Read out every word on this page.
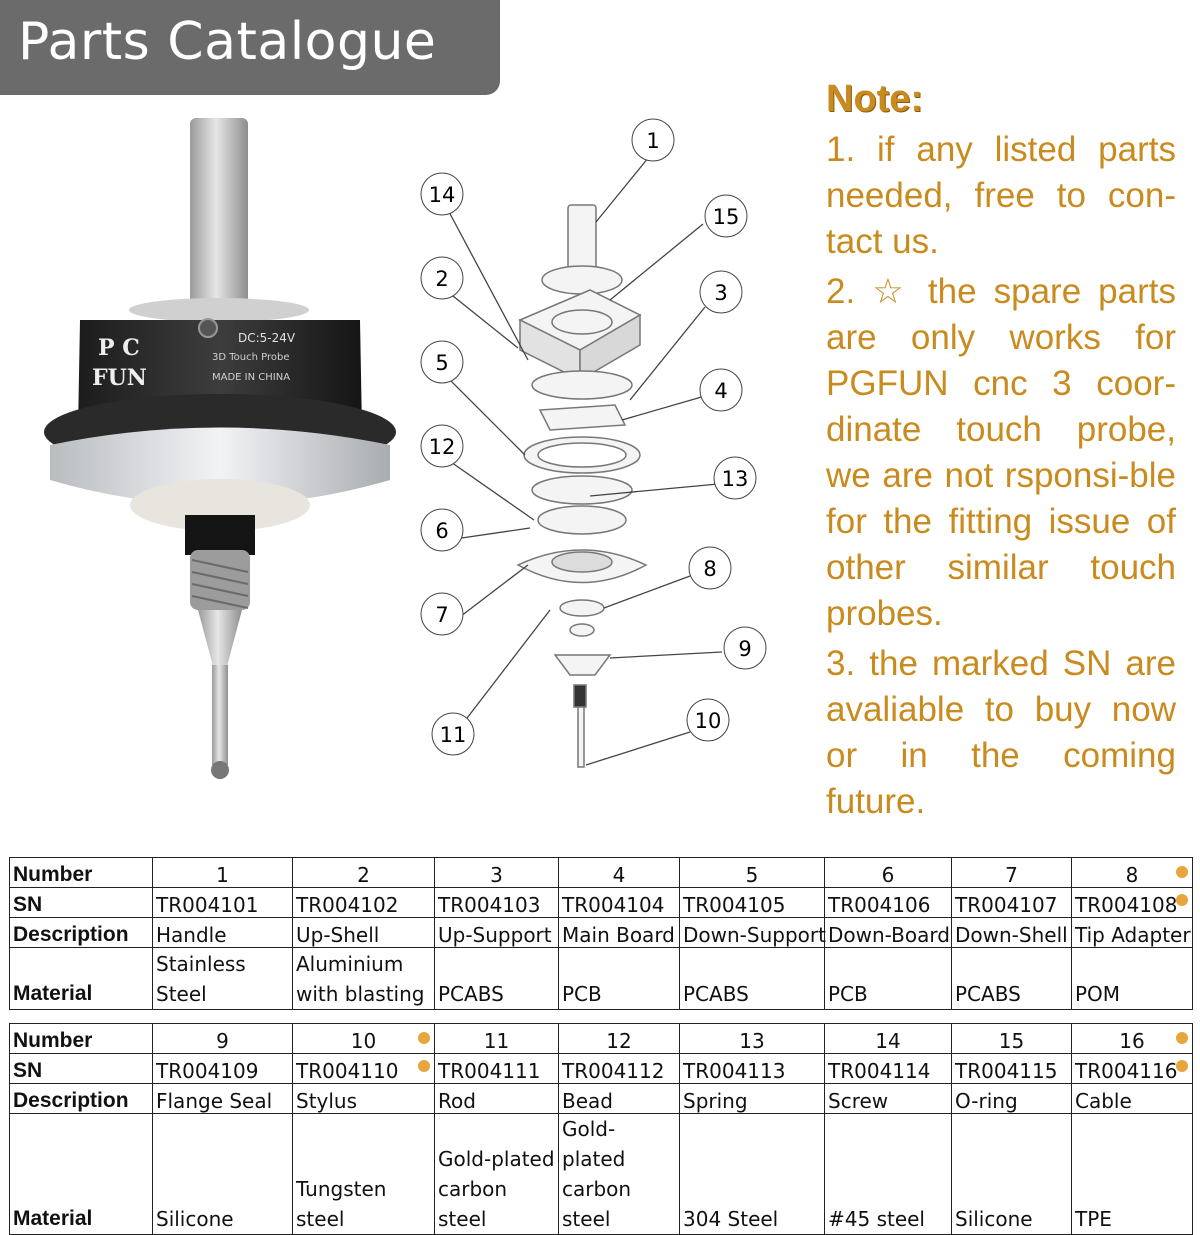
Parts Catalogue
P C
FUN
DC:5-24V
3D Touch Probe
MADE IN CHINA
1
14
15
2
3
5
4
12
13
6
8
7
9
10
11
Note:

1. if any listed parts needed, free to con-tact us.

2. ☆ the spare parts are only works for PGFUN cnc 3 coor-dinate touch probe, we are not rsponsi-ble for the fitting issue of other similar touch probes.

3. the marked SN are avaliable to buy now or in the coming future.

Number	1	2	3	4	5	6	7	8

SN	TR004101	TR004102	TR004103	TR004104	TR004105	TR004106	TR004107	TR004108
Description	Handle	Up-Shell	Up-Support	Main Board	Down-Support	Down-Board	Down-Shell	Tip Adapter
Material	Stainless Steel	Aluminium with blasting	PCABS	PCB	PCABS	PCB	PCABS	POM

Number	9	10	11	12	13	14	15	16

SN	TR004109	TR004110	TR004111	TR004112	TR004113	TR004114	TR004115	TR004116
Description	Flange Seal	Stylus	Rod	Bead	Spring	Screw	O-ring	Cable
Material	Silicone	Tungsten steel	Gold-plated carbon steel	Gold-plated carbon steel	304 Steel	#45 steel	Silicone	TPE
